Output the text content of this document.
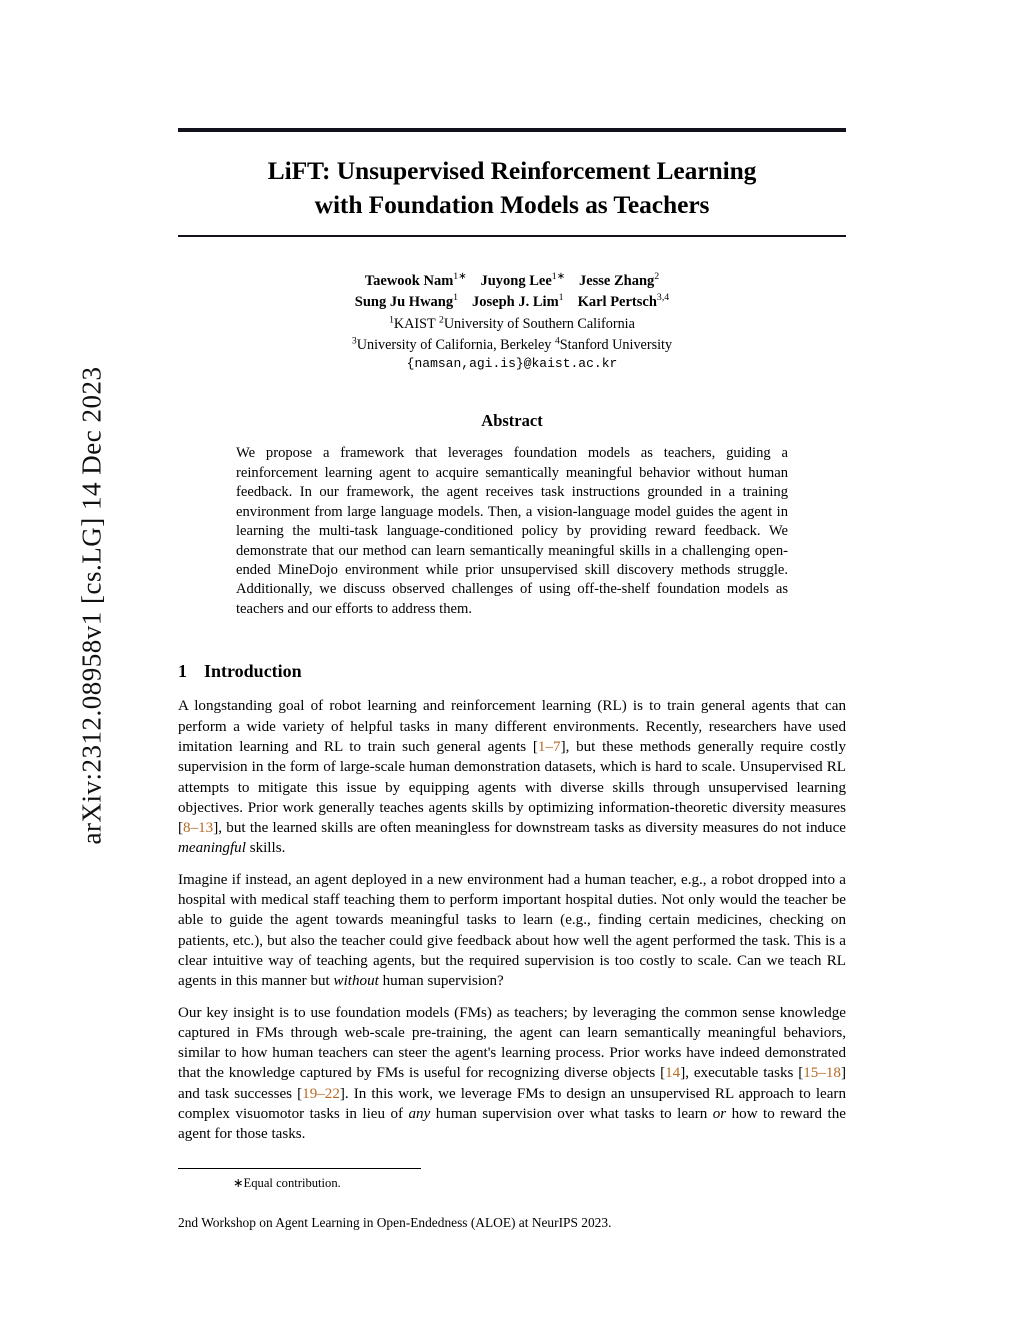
arXiv:2312.08958v1 [cs.LG] 14 Dec 2023
LiFT: Unsupervised Reinforcement Learning
with Foundation Models as Teachers
Taewook Nam$^{1∗}$ Juyong Lee$^{1∗}$ Jesse Zhang$^2$
Sung Ju Hwang$^1$ Joseph J. Lim$^1$ Karl Pertsch$^{3,4}$
$^1$KAIST $^2$University of Southern California
$^3$University of California, Berkeley $^4$Stanford University
{namsan,agi.is}@kaist.ac.kr
Abstract
We propose a framework that leverages foundation models as teachers, guiding a reinforcement learning agent to acquire semantically meaningful behavior without human feedback. In our framework, the agent receives task instructions grounded in a training environment from large language models. Then, a vision-language model guides the agent in learning the multi-task language-conditioned policy by providing reward feedback. We demonstrate that our method can learn semantically meaningful skills in a challenging open-ended MineDojo environment while prior unsupervised skill discovery methods struggle. Additionally, we discuss observed challenges of using off-the-shelf foundation models as teachers and our efforts to address them.
1 Introduction
A longstanding goal of robot learning and reinforcement learning (RL) is to train general agents that can perform a wide variety of helpful tasks in many different environments. Recently, researchers have used imitation learning and RL to train such general agents [1–7], but these methods generally require costly supervision in the form of large-scale human demonstration datasets, which is hard to scale. Unsupervised RL attempts to mitigate this issue by equipping agents with diverse skills through unsupervised learning objectives. Prior work generally teaches agents skills by optimizing information-theoretic diversity measures [8–13], but the learned skills are often meaningless for downstream tasks as diversity measures do not induce meaningful skills.
Imagine if instead, an agent deployed in a new environment had a human teacher, e.g., a robot dropped into a hospital with medical staff teaching them to perform important hospital duties. Not only would the teacher be able to guide the agent towards meaningful tasks to learn (e.g., finding certain medicines, checking on patients, etc.), but also the teacher could give feedback about how well the agent performed the task. This is a clear intuitive way of teaching agents, but the required supervision is too costly to scale. Can we teach RL agents in this manner but without human supervision?
Our key insight is to use foundation models (FMs) as teachers; by leveraging the common sense knowledge captured in FMs through web-scale pre-training, the agent can learn semantically meaningful behaviors, similar to how human teachers can steer the agent's learning process. Prior works have indeed demonstrated that the knowledge captured by FMs is useful for recognizing diverse objects [14], executable tasks [15–18] and task successes [19–22]. In this work, we leverage FMs to design an unsupervised RL approach to learn complex visuomotor tasks in lieu of any human supervision over what tasks to learn or how to reward the agent for those tasks.
∗Equal contribution.
2nd Workshop on Agent Learning in Open-Endedness (ALOE) at NeurIPS 2023.
